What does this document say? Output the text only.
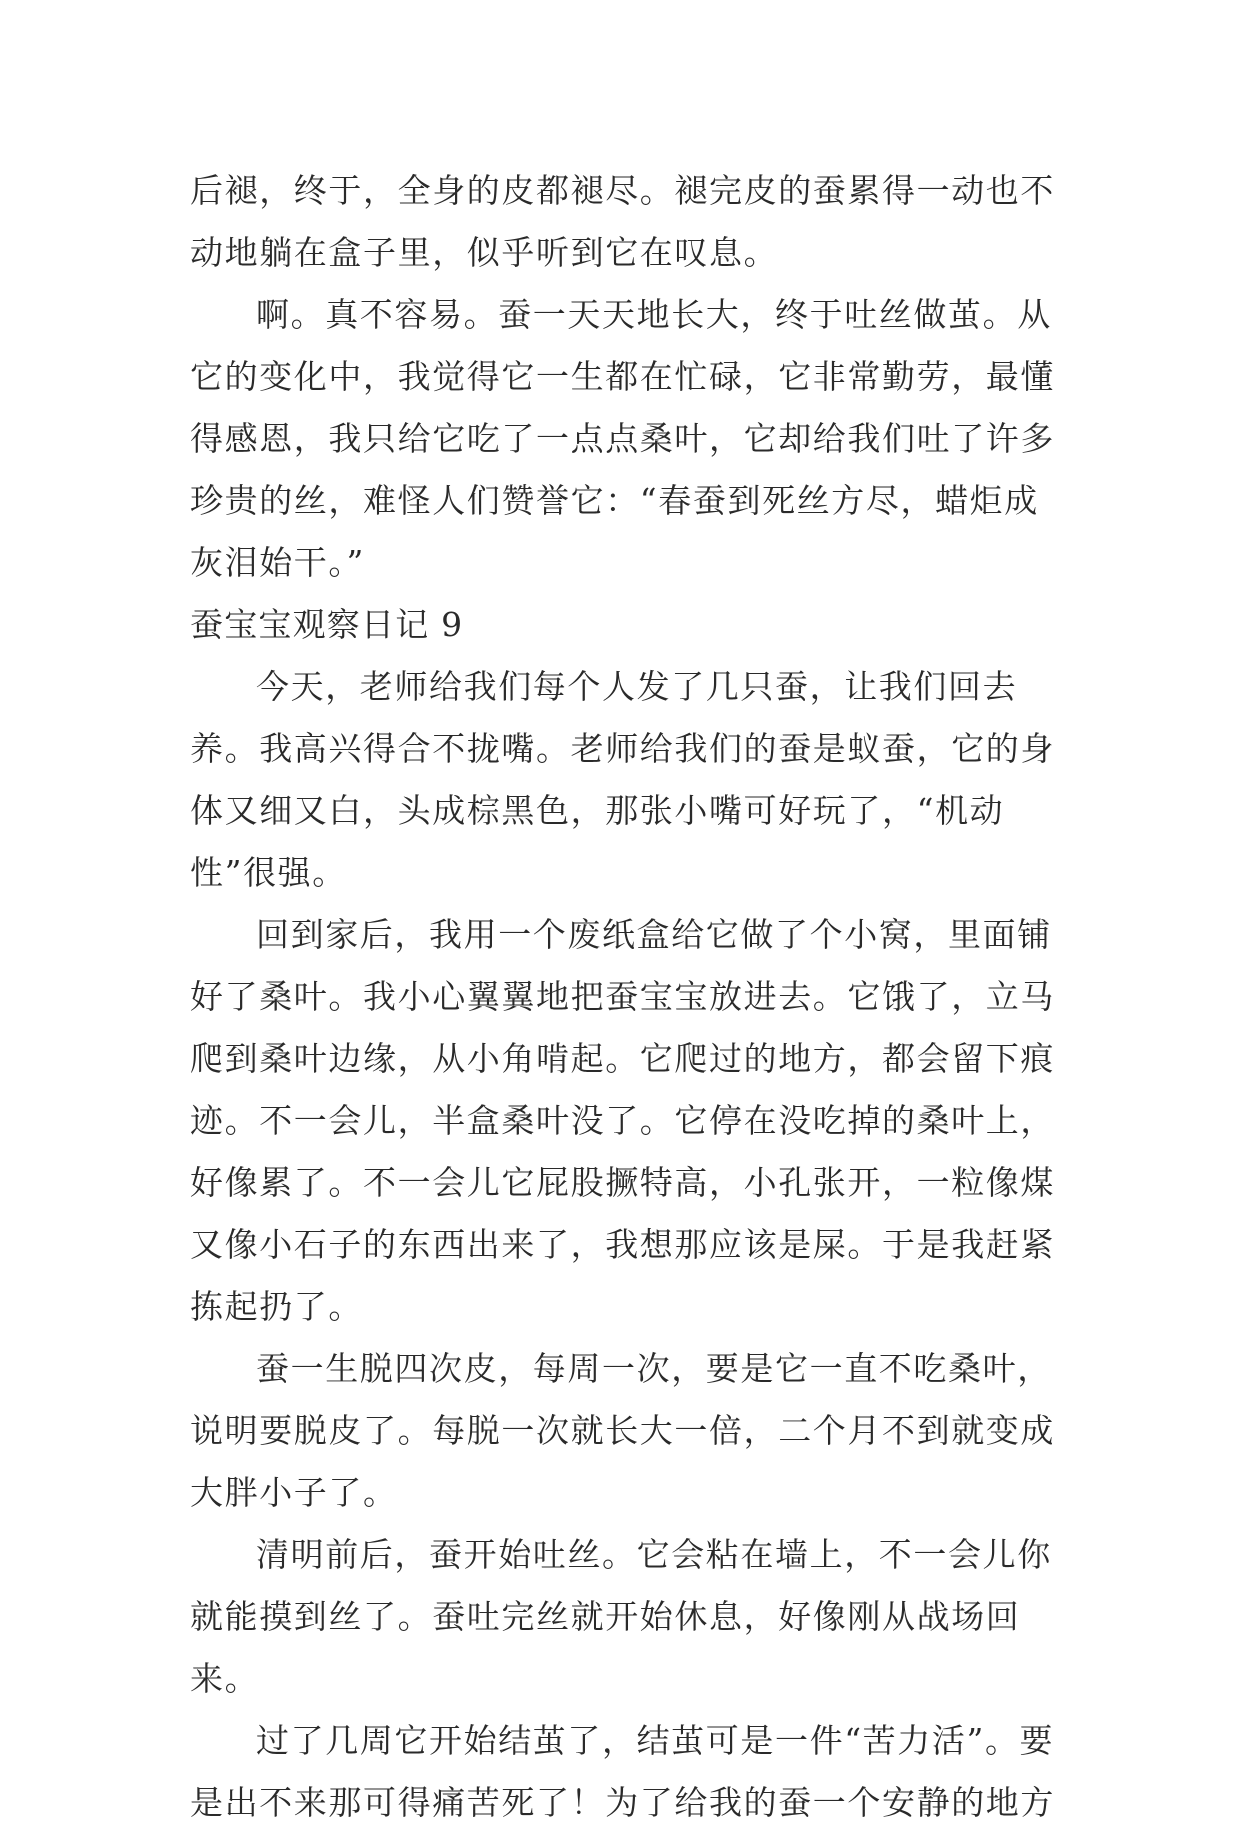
后褪，终于，全身的皮都褪尽。褪完皮的蚕累得一动也不动地躺在盒子里，似乎听到它在叹息。

啊。真不容易。蚕一天天地长大，终于吐丝做茧。从它的变化中，我觉得它一生都在忙碌，它非常勤劳，最懂得感恩，我只给它吃了一点点桑叶，它却给我们吐了许多珍贵的丝，难怪人们赞誉它：“春蚕到死丝方尽，蜡炬成灰泪始干。”

蚕宝宝观察日记 9

今天，老师给我们每个人发了几只蚕，让我们回去养。我高兴得合不拢嘴。老师给我们的蚕是蚁蚕，它的身体又细又白，头成棕黑色，那张小嘴可好玩了，“机动性”很强。

回到家后，我用一个废纸盒给它做了个小窝，里面铺好了桑叶。我小心翼翼地把蚕宝宝放进去。它饿了，立马爬到桑叶边缘，从小角啃起。它爬过的地方，都会留下痕迹。不一会儿，半盒桑叶没了。它停在没吃掉的桑叶上，好像累了。不一会儿它屁股撅特高，小孔张开，一粒像煤又像小石子的东西出来了，我想那应该是屎。于是我赶紧拣起扔了。

蚕一生脱四次皮，每周一次，要是它一直不吃桑叶，说明要脱皮了。每脱一次就长大一倍，二个月不到就变成大胖小子了。

清明前后，蚕开始吐丝。它会粘在墙上，不一会儿你就能摸到丝了。蚕吐完丝就开始休息，好像刚从战场回来。

过了几周它开始结茧了，结茧可是一件“苦力活”。要是出不来那可得痛苦死了！为了给我的蚕一个安静的地方
